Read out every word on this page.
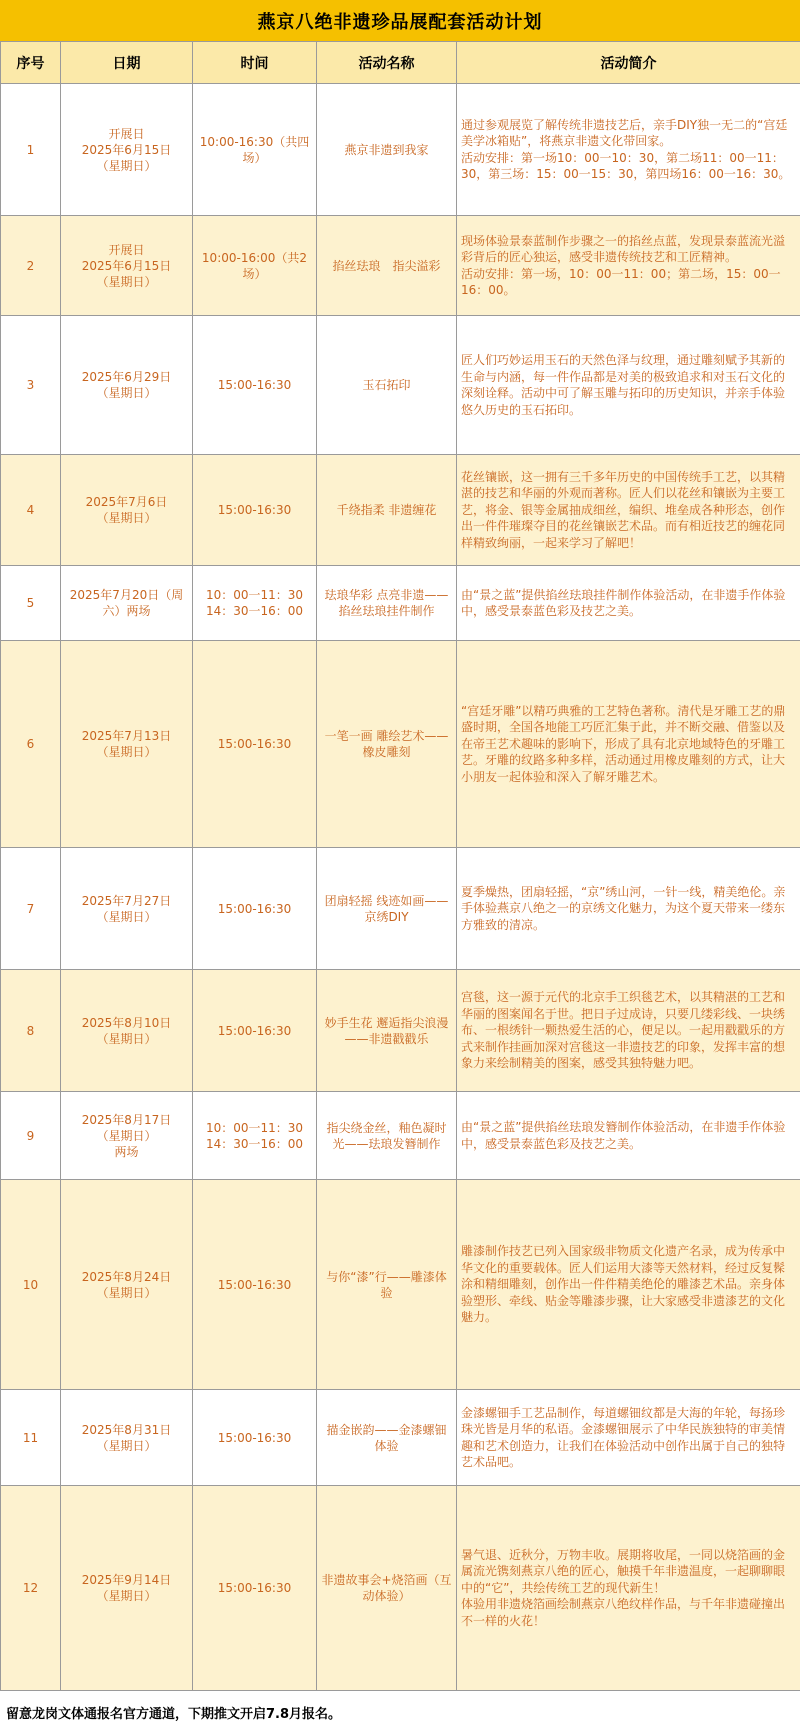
燕京八绝非遗珍品展配套活动计划
序号	日期	时间	活动名称	活动简介
1	开展日
2025年6月15日
（星期日）	10:00-16:30（共四场）	燕京非遗到我家	通过参观展览了解传统非遗技艺后，亲手DIY独一无二的“宫廷美学冰箱贴”，将燕京非遗文化带回家。
活动安排：第一场10：00一10：30，第二场11：00一11：30，第三场：15：00一15：30，第四场16：00一16：30。
2	开展日
2025年6月15日
（星期日）	10:00-16:00（共2场）	掐丝珐琅　指尖溢彩	现场体验景泰蓝制作步骤之一的掐丝点蓝，发现景泰蓝流光溢彩背后的匠心独运，感受非遗传统技艺和工匠精神。
活动安排：第一场，10：00一11：00；第二场，15：00一16：00。
3	2025年6月29日
（星期日）	15:00-16:30	玉石拓印	匠人们巧妙运用玉石的天然色泽与纹理，通过雕刻赋予其新的生命与内涵，每一件作品都是对美的极致追求和对玉石文化的深刻诠释。活动中可了解玉雕与拓印的历史知识，并亲手体验悠久历史的玉石拓印。
4	2025年7月6日
（星期日）	15:00-16:30	千绕指柔 非遗缠花	花丝镶嵌，这一拥有三千多年历史的中国传统手工艺，以其精湛的技艺和华丽的外观而著称。匠人们以花丝和镶嵌为主要工艺，将金、银等金属抽成细丝，编织、堆垒成各种形态，创作出一件件璀璨夺目的花丝镶嵌艺术品。而有相近技艺的缠花同样精致绚丽，一起来学习了解吧！
5	2025年7月20日（周六）两场	10：00一11：30
14：30一16：00	珐琅华彩 点亮非遗——掐丝珐琅挂件制作	由“景之蓝”提供掐丝珐琅挂件制作体验活动，在非遗手作体验中，感受景泰蓝色彩及技艺之美。
6	2025年7月13日
（星期日）	15:00-16:30	一笔一画 雕绘艺术——橡皮雕刻	“宫廷牙雕”以精巧典雅的工艺特色著称。清代是牙雕工艺的鼎盛时期，全国各地能工巧匠汇集于此，并不断交融、借鉴以及在帝王艺术趣味的影响下，形成了具有北京地域特色的牙雕工艺。牙雕的纹路多种多样，活动通过用橡皮雕刻的方式，让大小朋友一起体验和深入了解牙雕艺术。
7	2025年7月27日
（星期日）	15:00-16:30	团扇轻摇 线迹如画——京绣DIY	夏季燥热，团扇轻摇，“京”绣山河，一针一线，精美绝伦。亲手体验燕京八绝之一的京绣文化魅力，为这个夏天带来一缕东方雅致的清凉。
8	2025年8月10日
（星期日）	15:00-16:30	妙手生花 邂逅指尖浪漫——非遗戳戳乐	宫毯，这一源于元代的北京手工织毯艺术，以其精湛的工艺和华丽的图案闻名于世。把日子过成诗，只要几缕彩线、一块绣布、一根绣针一颗热爱生活的心，便足以。一起用戳戳乐的方式来制作挂画加深对宫毯这一非遗技艺的印象，发挥丰富的想象力来绘制精美的图案，感受其独特魅力吧。
9	2025年8月17日
（星期日）
两场	10：00一11：30
14：30一16：00	指尖绕金丝，釉色凝时光——珐琅发簪制作	由“景之蓝”提供掐丝珐琅发簪制作体验活动，在非遗手作体验中，感受景泰蓝色彩及技艺之美。
10	2025年8月24日
（星期日）	15:00-16:30	与你“漆”行——雕漆体验	雕漆制作技艺已列入国家级非物质文化遗产名录，成为传承中华文化的重要载体。匠人们运用大漆等天然材料，经过反复髹涂和精细雕刻，创作出一件件精美绝伦的雕漆艺术品。亲身体验塑形、牵线、贴金等雕漆步骤，让大家感受非遗漆艺的文化魅力。
11	2025年8月31日
（星期日）	15:00-16:30	描金嵌韵——金漆螺钿体验	金漆螺钿手工艺品制作，每道螺钿纹都是大海的年轮，每扬珍珠光皆是月华的私语。金漆螺钿展示了中华民族独特的审美情趣和艺术创造力，让我们在体验活动中创作出属于自己的独特艺术品吧。
12	2025年9月14日
（星期日）	15:00-16:30	非遗故事会+烧箔画（互动体验）	暑气退、近秋分，万物丰收。展期将收尾，一同以烧箔画的金属流光镌刻燕京八绝的匠心，触摸千年非遗温度，一起聊聊眼中的“它”，共绘传统工艺的现代新生！
体验用非遗烧箔画绘制燕京八绝纹样作品，与千年非遗碰撞出不一样的火花！
留意龙岗文体通报名官方通道，下期推文开启7.8月报名。
